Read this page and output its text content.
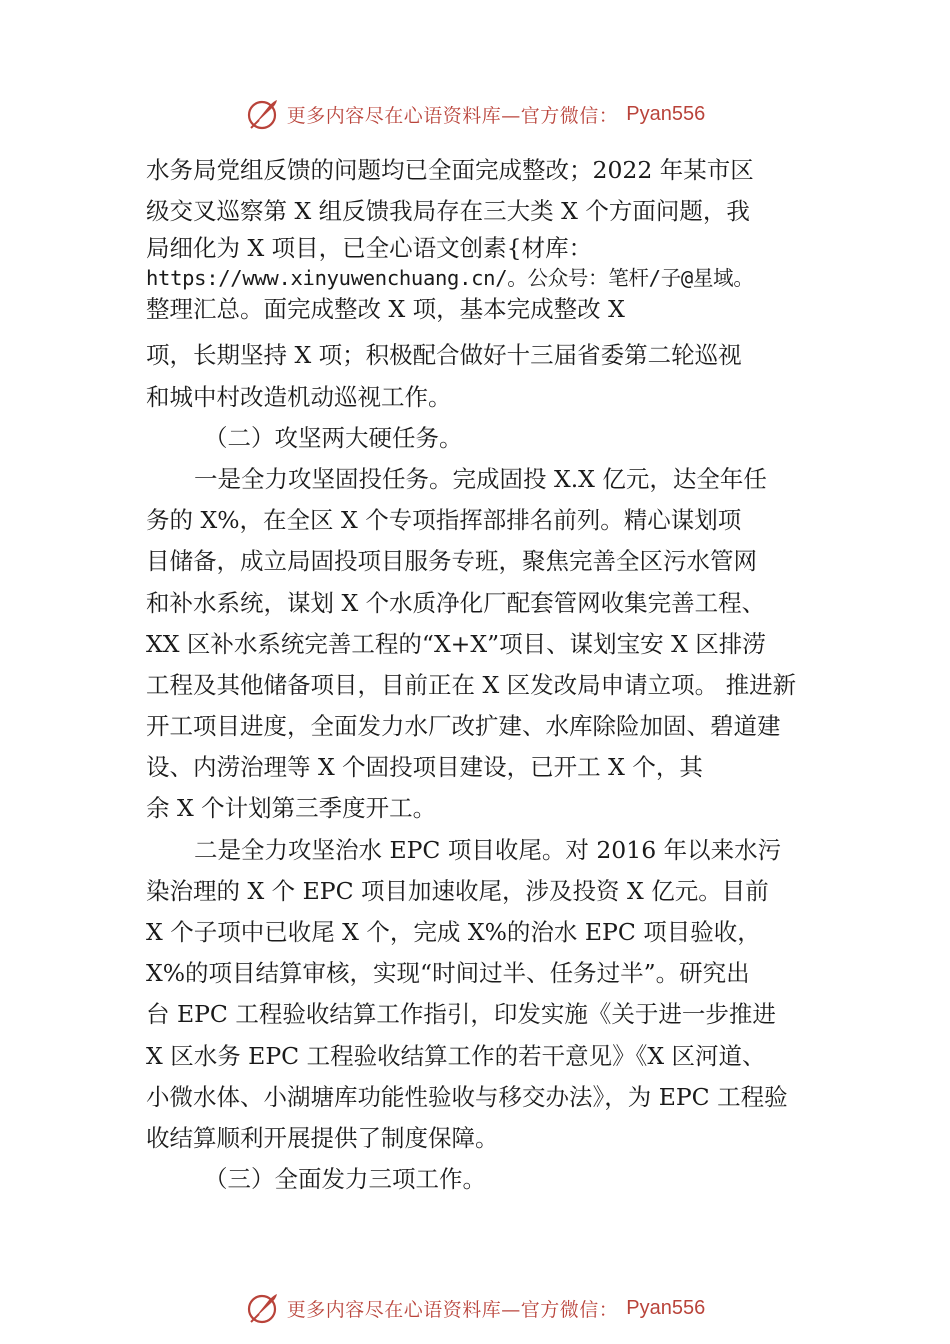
更多内容尽在心语资料库—官方微信： Pyan556
水务局党组反馈的问题均已全面完成整改；2022 年某市区
级交叉巡察第 X 组反馈我局存在三大类 X 个方面问题，我
局细化为 X 项目，已全心语文创素{材库：
https://www.xinyuwenchuang.cn/。公众号：笔杆/子@星域。
整理汇总。面完成整改 X 项，基本完成整改 X
项，长期坚持 X 项；积极配合做好十三届省委第二轮巡视
和城中村改造机动巡视工作。
（二）攻坚两大硬任务。
一是全力攻坚固投任务。完成固投 X.X 亿元，达全年任
务的 X%，在全区 X 个专项指挥部排名前列。精心谋划项
目储备，成立局固投项目服务专班，聚焦完善全区污水管网
和补水系统，谋划 X 个水质净化厂配套管网收集完善工程、
XX 区补水系统完善工程的“X+X”项目、谋划宝安 X 区排涝
工程及其他储备项目，目前正在 X 区发改局申请立项。 推进新
开工项目进度，全面发力水厂改扩建、水库除险加固、碧道建
设、内涝治理等 X 个固投项目建设，已开工 X 个，其
余 X 个计划第三季度开工。
二是全力攻坚治水 EPC 项目收尾。对 2016 年以来水污
染治理的 X 个 EPC 项目加速收尾，涉及投资 X 亿元。目前
X 个子项中已收尾 X 个，完成 X%的治水 EPC 项目验收，
X%的项目结算审核，实现“时间过半、任务过半”。研究出
台 EPC 工程验收结算工作指引，印发实施《关于进一步推进
X 区水务 EPC 工程验收结算工作的若干意见》《X 区河道、
小微水体、小湖塘库功能性验收与移交办法》，为 EPC 工程验
收结算顺利开展提供了制度保障。
（三）全面发力三项工作。
更多内容尽在心语资料库—官方微信： Pyan556
